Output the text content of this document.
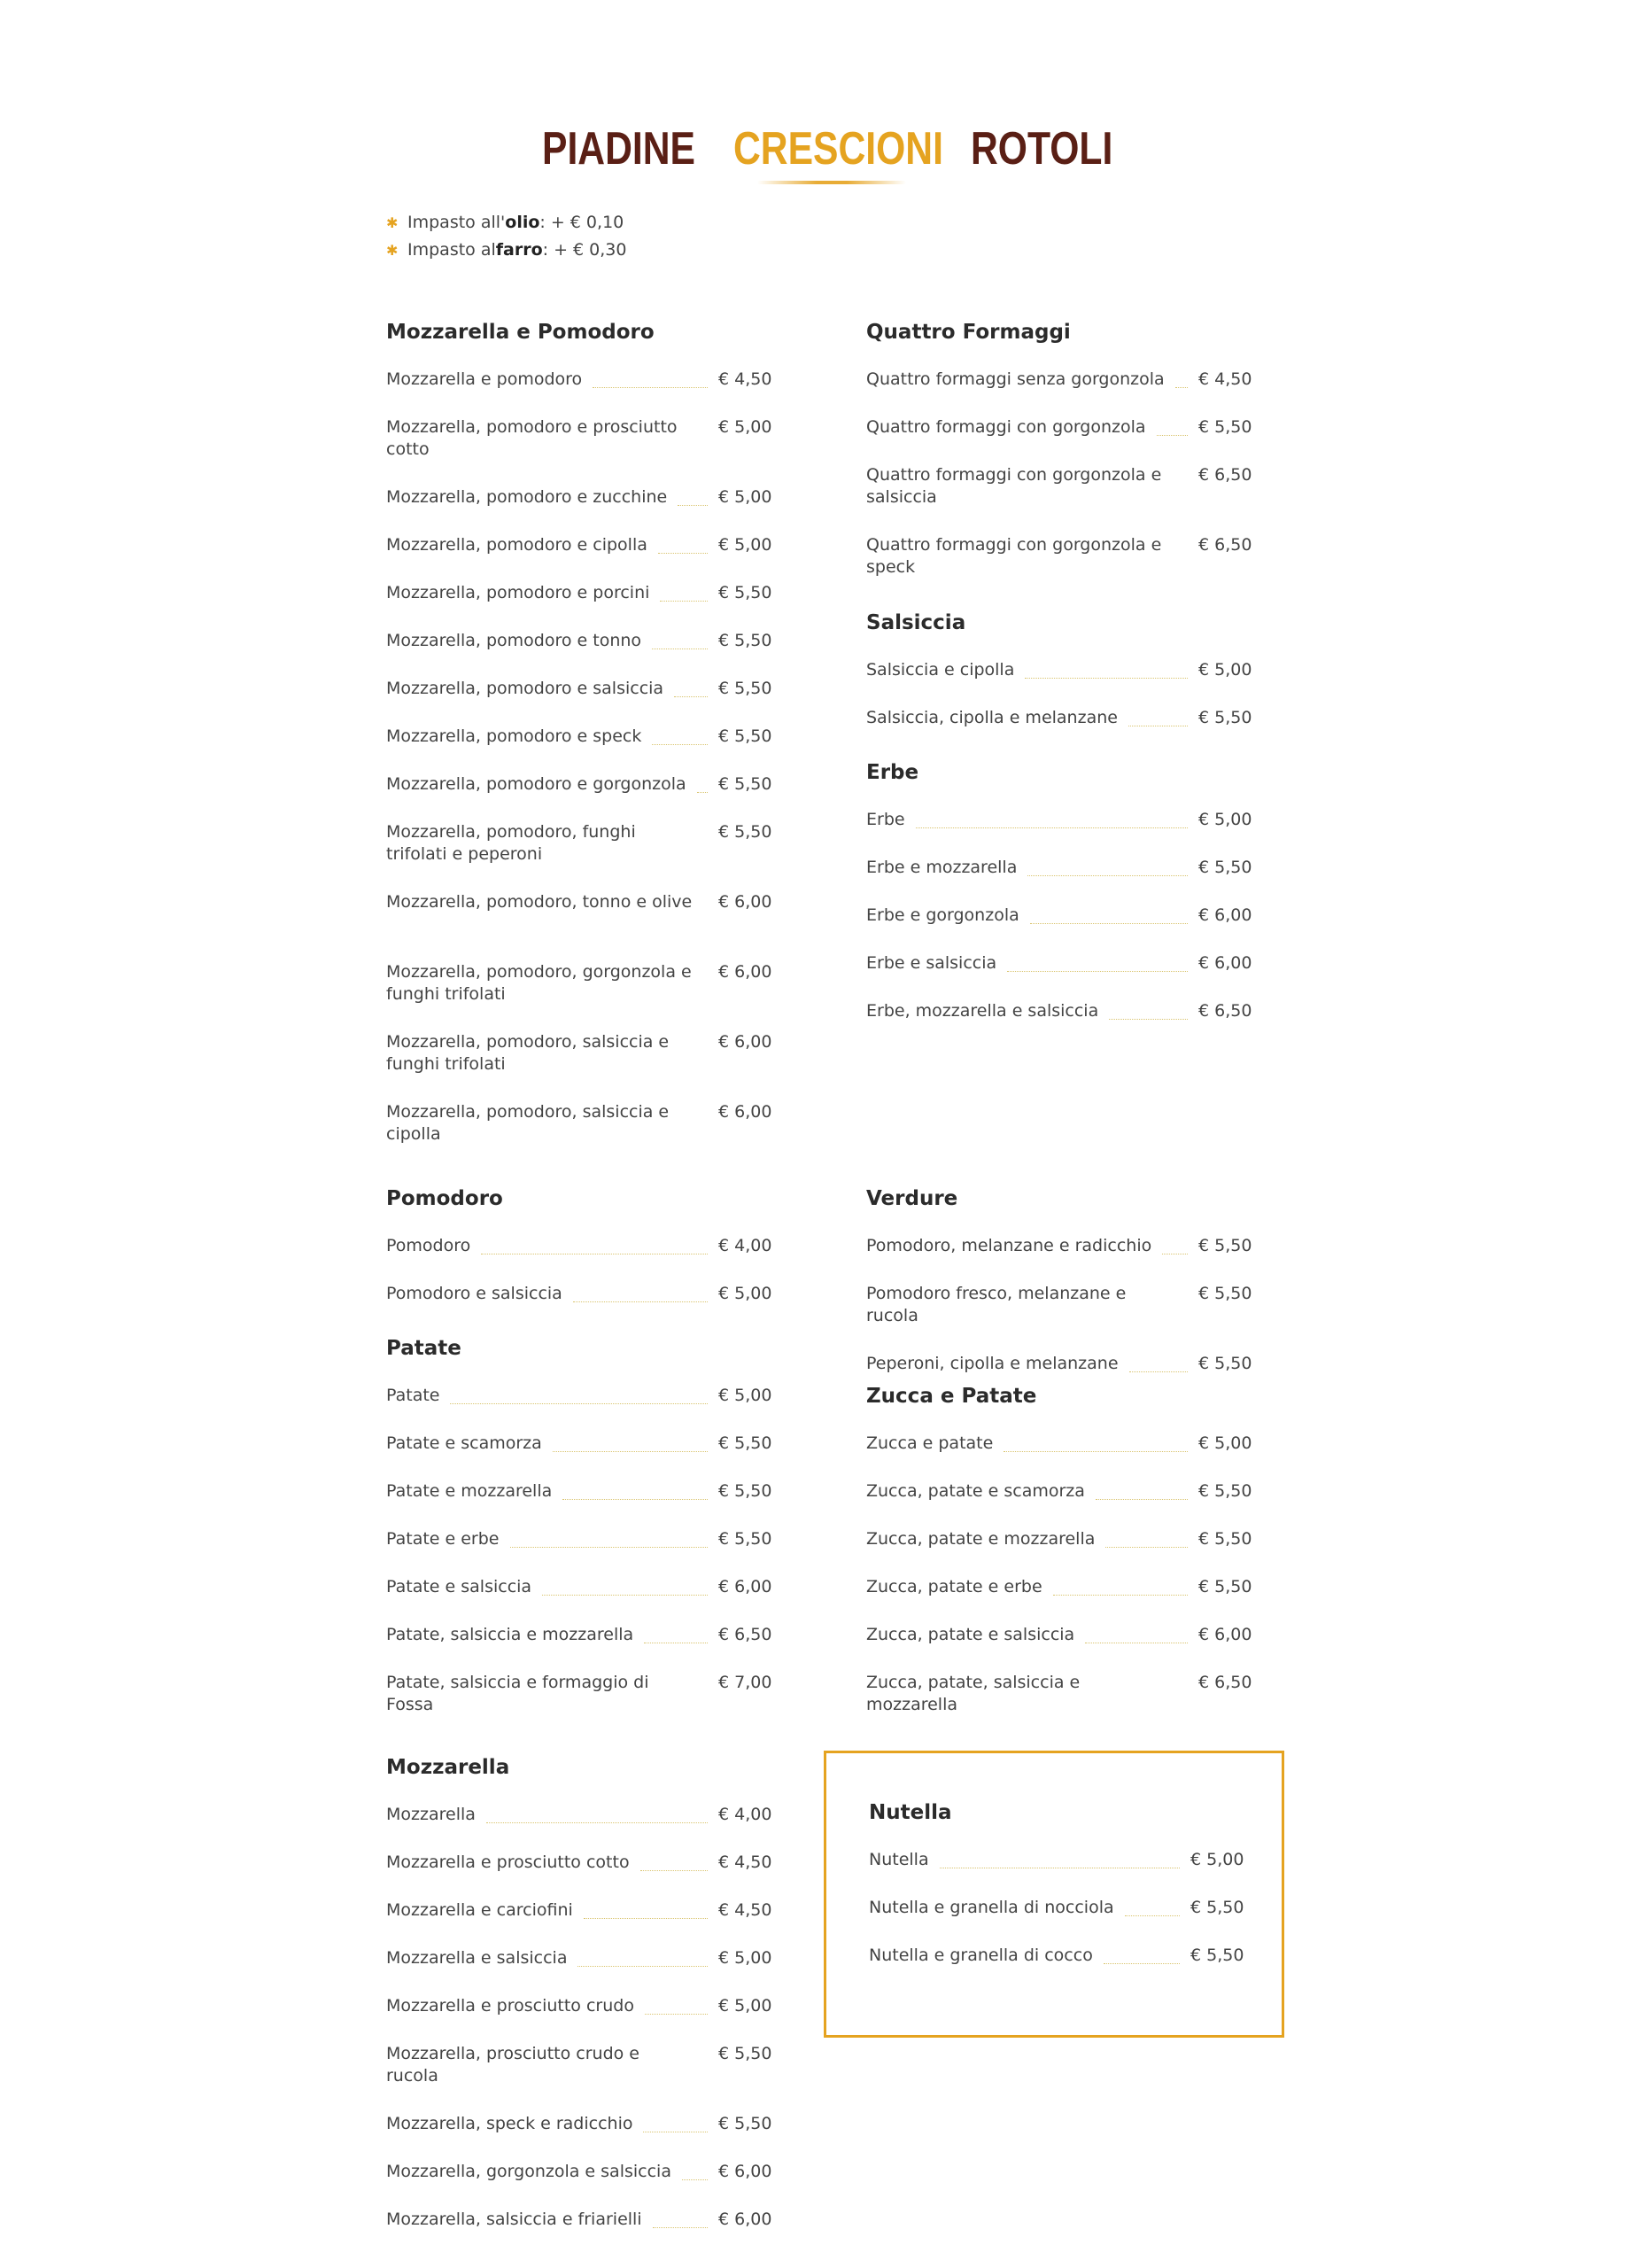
PIADINE CRESCIONI ROTOLI
✱ Impasto all' olio : + € 0,10
✱ Impasto al farro : + € 0,30
Mozzarella e Pomodoro
Mozzarella e pomodoro	€ 4,50
Mozzarella, pomodoro e prosciutto cotto
€ 5,00
Mozzarella, pomodoro e zucchine	€ 5,00
Mozzarella, pomodoro e cipolla	€ 5,00
Mozzarella, pomodoro e porcini	€ 5,50
Mozzarella, pomodoro e tonno	€ 5,50
Mozzarella, pomodoro e salsiccia	€ 5,50
Mozzarella, pomodoro e speck	€ 5,50
Mozzarella, pomodoro e gorgonzola € 5,50
Mozzarella, pomodoro, funghi trifolati e peperoni
€ 5,50
Mozzarella, pomodoro, tonno e olive € 6,00
Mozzarella, pomodoro, gorgonzola e funghi trifolati
€ 6,00
Mozzarella, pomodoro, salsiccia e funghi trifolati
€ 6,00
Mozzarella, pomodoro, salsiccia e cipolla
€ 6,00
Quattro Formaggi
Quattro formaggi senza gorgonzola € 4,50
Quattro formaggi con gorgonzola	€ 5,50
Quattro formaggi con gorgonzola e salsiccia
€ 6,50
Quattro formaggi con gorgonzola e speck
€ 6,50
Salsiccia
Salsiccia e cipolla	€ 5,00
Salsiccia, cipolla e melanzane	€ 5,50
Erbe
Erbe	€ 5,00
Erbe e mozzarella	€ 5,50
Erbe e gorgonzola	€ 6,00
Erbe e salsiccia	€ 6,00
Erbe, mozzarella e salsiccia	€ 6,50
Pomodoro
Pomodoro	€ 4,00
Pomodoro e salsiccia	€ 5,00
Verdure
Pomodoro, melanzane e radicchio	€ 5,50
Pomodoro fresco, melanzane e rucola
€ 5,50
Peperoni, cipolla e melanzane	€ 5,50
Patate
Patate	€ 5,00
Patate e scamorza	€ 5,50
Patate e mozzarella	€ 5,50
Patate e erbe	€ 5,50
Patate e salsiccia	€ 6,00
Patate, salsiccia e mozzarella	€ 6,50
Patate, salsiccia e formaggio di Fossa
€ 7,00
Zucca e Patate
Zucca e patate	€ 5,00
Zucca, patate e scamorza	€ 5,50
Zucca, patate e mozzarella	€ 5,50
Zucca, patate e erbe	€ 5,50
Zucca, patate e salsiccia	€ 6,00
Zucca, patate, salsiccia e mozzarella
€ 6,50
Mozzarella
Mozzarella	€ 4,00
Mozzarella e prosciutto cotto	€ 4,50
Mozzarella e carciofini	€ 4,50
Mozzarella e salsiccia	€ 5,00
Mozzarella e prosciutto crudo	€ 5,00
Mozzarella, prosciutto crudo e rucola
€ 5,50
Mozzarella, speck e radicchio	€ 5,50
Mozzarella, gorgonzola e salsiccia	€ 6,00
Mozzarella, salsiccia e friarielli	€ 6,00
Nutella
Nutella	€ 5,00
Nutella e granella di nocciola	€ 5,50
Nutella e granella di cocco	€ 5,50
